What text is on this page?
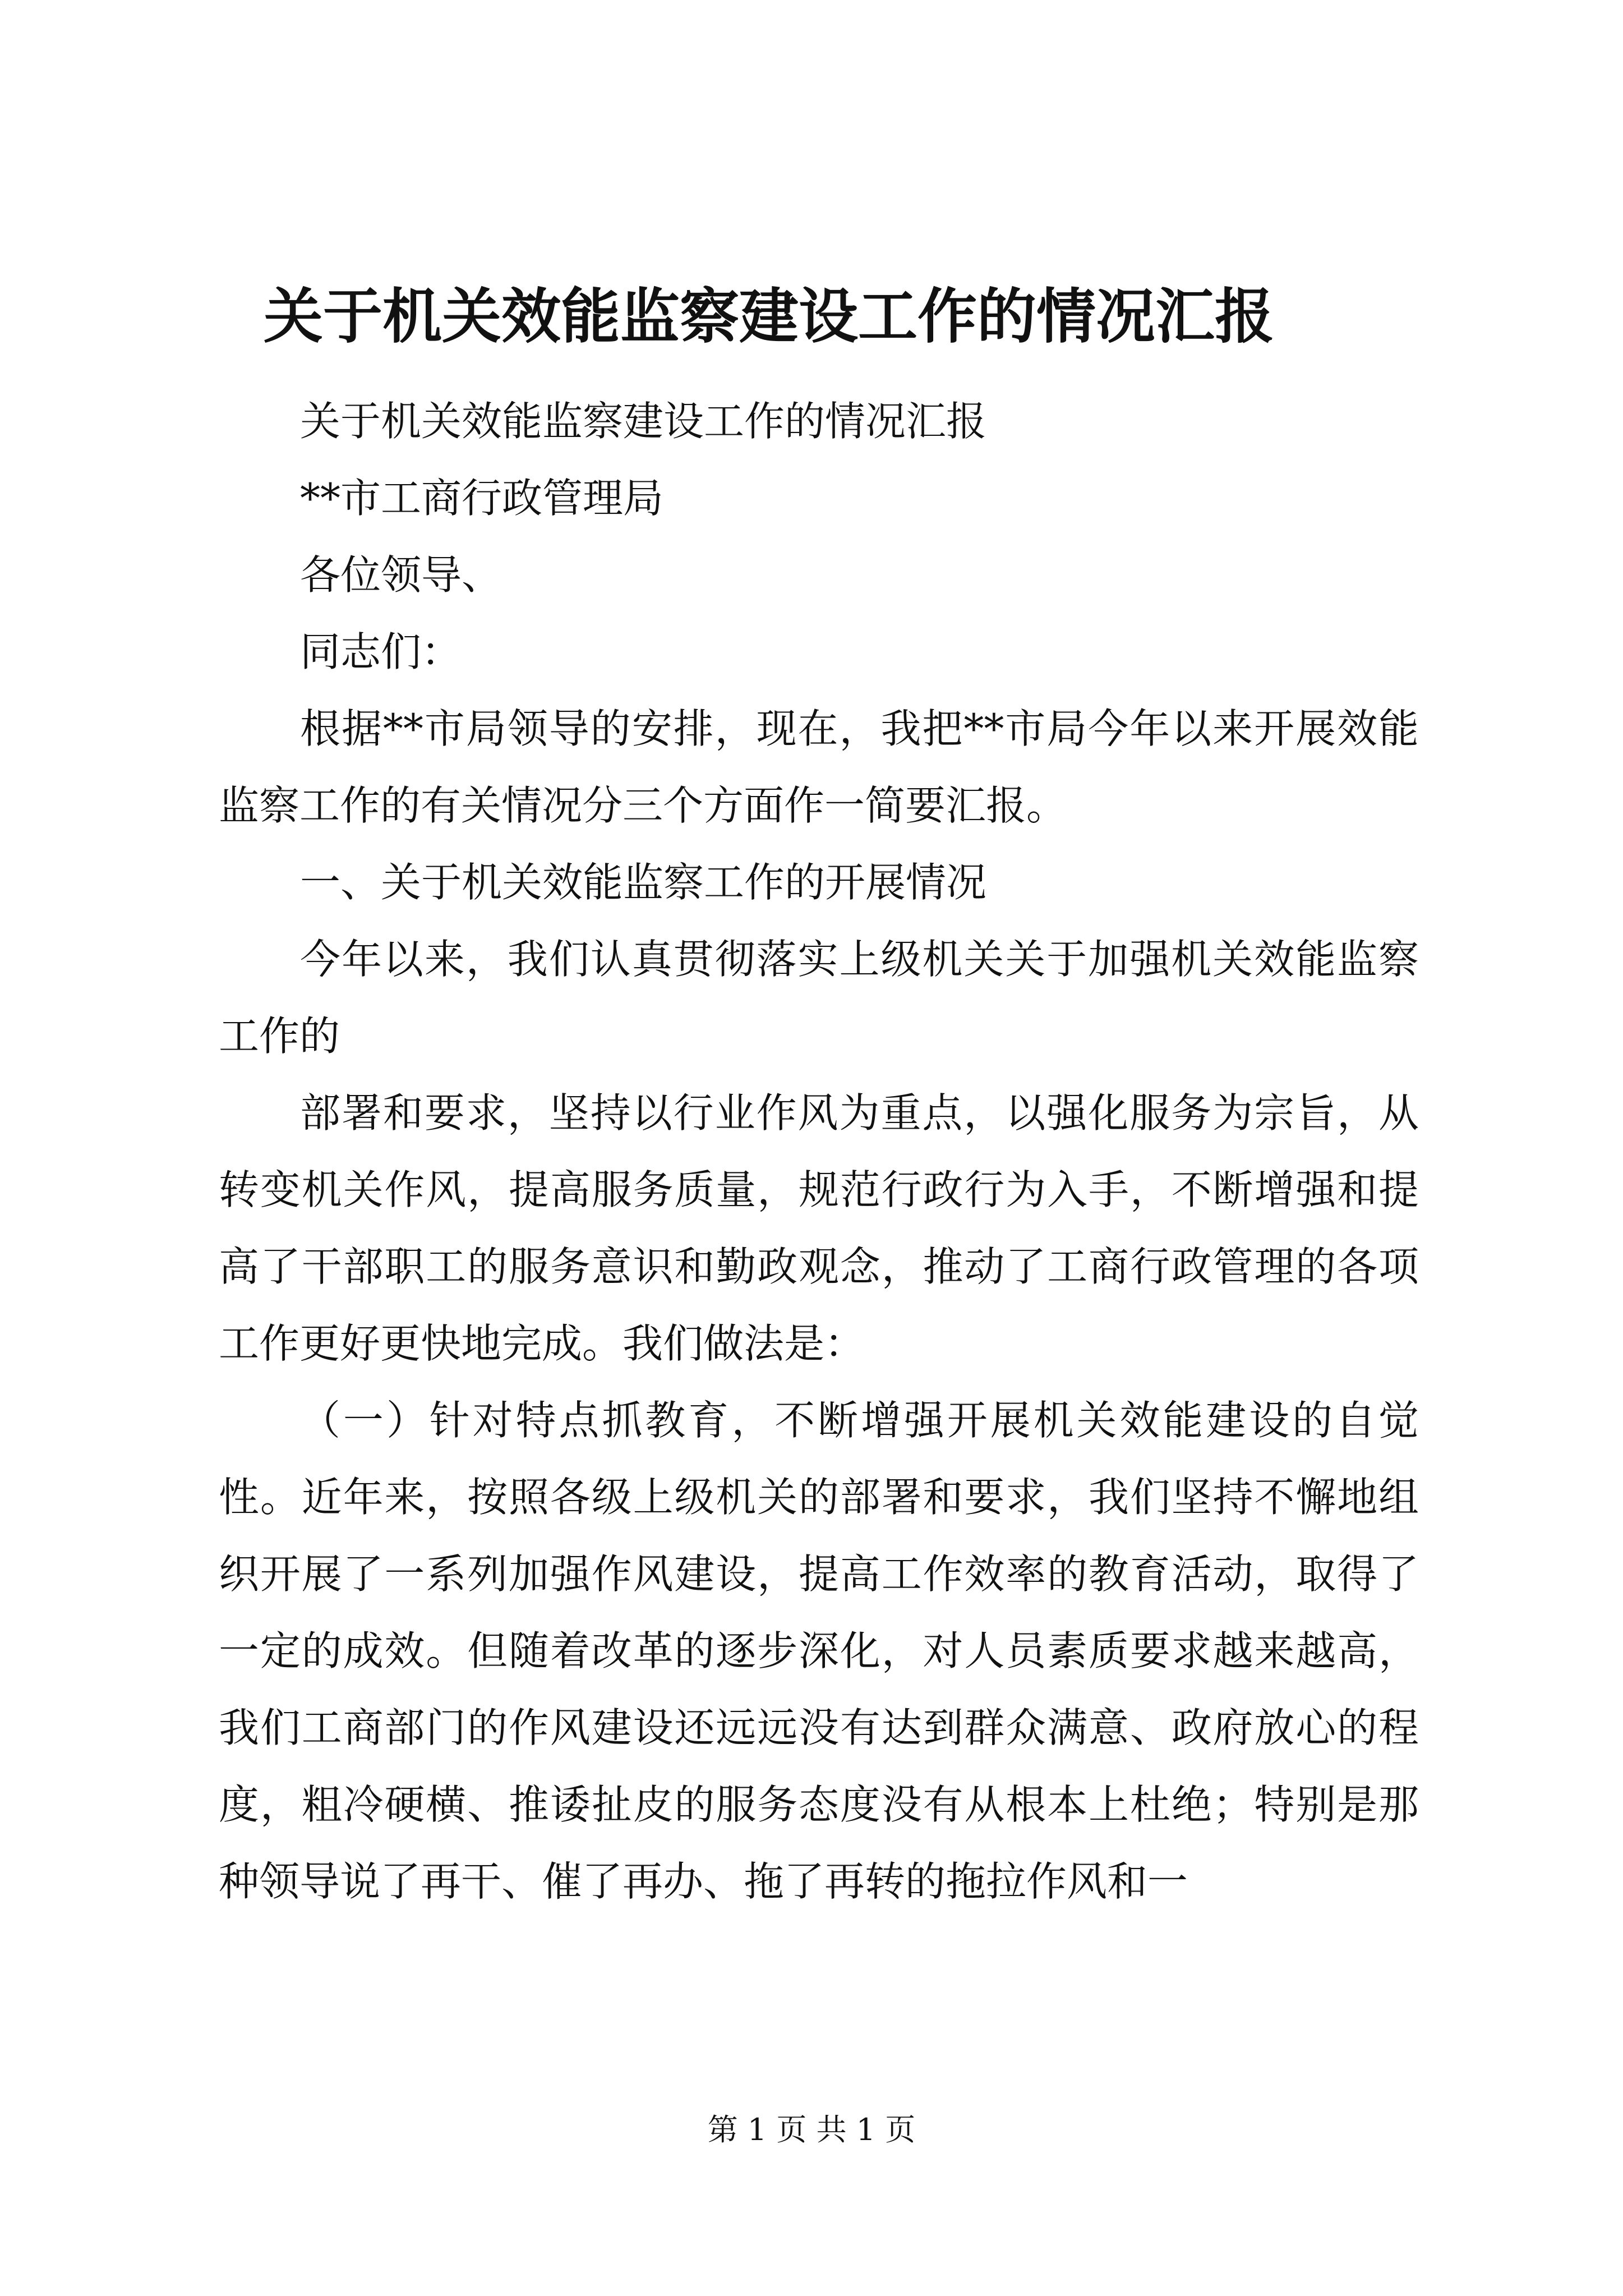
关于机关效能监察建设工作的情况汇报

关于机关效能监察建设工作的情况汇报

**市工商行政管理局

各位领导、

同志们：

根据**市局领导的安排，现在，我把**市局今年以来开展效能监察工作的有关情况分三个方面作一简要汇报。

一、关于机关效能监察工作的开展情况

今年以来，我们认真贯彻落实上级机关关于加强机关效能监察工作的

部署和要求，坚持以行业作风为重点，以强化服务为宗旨，从转变机关作风，提高服务质量，规范行政行为入手，不断增强和提高了干部职工的服务意识和勤政观念，推动了工商行政管理的各项工作更好更快地完成。我们做法是：

（一）针对特点抓教育，不断增强开展机关效能建设的自觉性。近年来，按照各级上级机关的部署和要求，我们坚持不懈地组织开展了一系列加强作风建设，提高工作效率的教育活动，取得了一定的成效。但随着改革的逐步深化，对人员素质要求越来越高，我们工商部门的作风建设还远远没有达到群众满意、政府放心的程度，粗冷硬横、推诿扯皮的服务态度没有从根本上杜绝；特别是那种领导说了再干、催了再办、拖了再转的拖拉作风和一

第 1 页 共 1 页
